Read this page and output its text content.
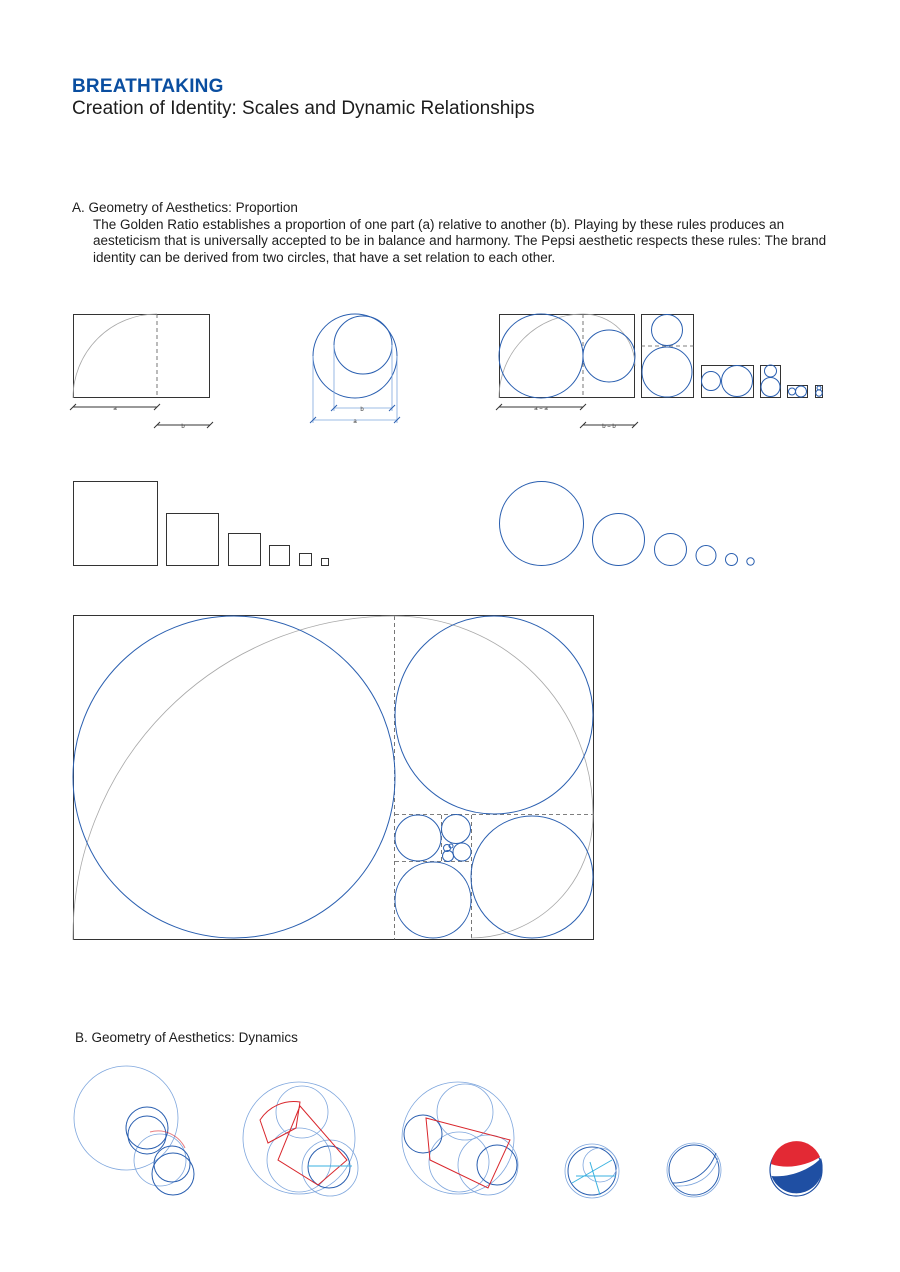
BREATHTAKING
Creation of Identity: Scales and Dynamic Relationships
A. Geometry of Aesthetics: Proportion
The Golden Ratio establishes a proportion of one part (a) relative to another (b). Playing by these rules produces an aesteticism that is universally accepted to be in balance and harmony. The Pepsi aesthetic respects these rules: The brand identity can be derived from two circles, that have a set relation to each other.
a
b
b
a
a = a
b = b
B. Geometry of Aesthetics: Dynamics
